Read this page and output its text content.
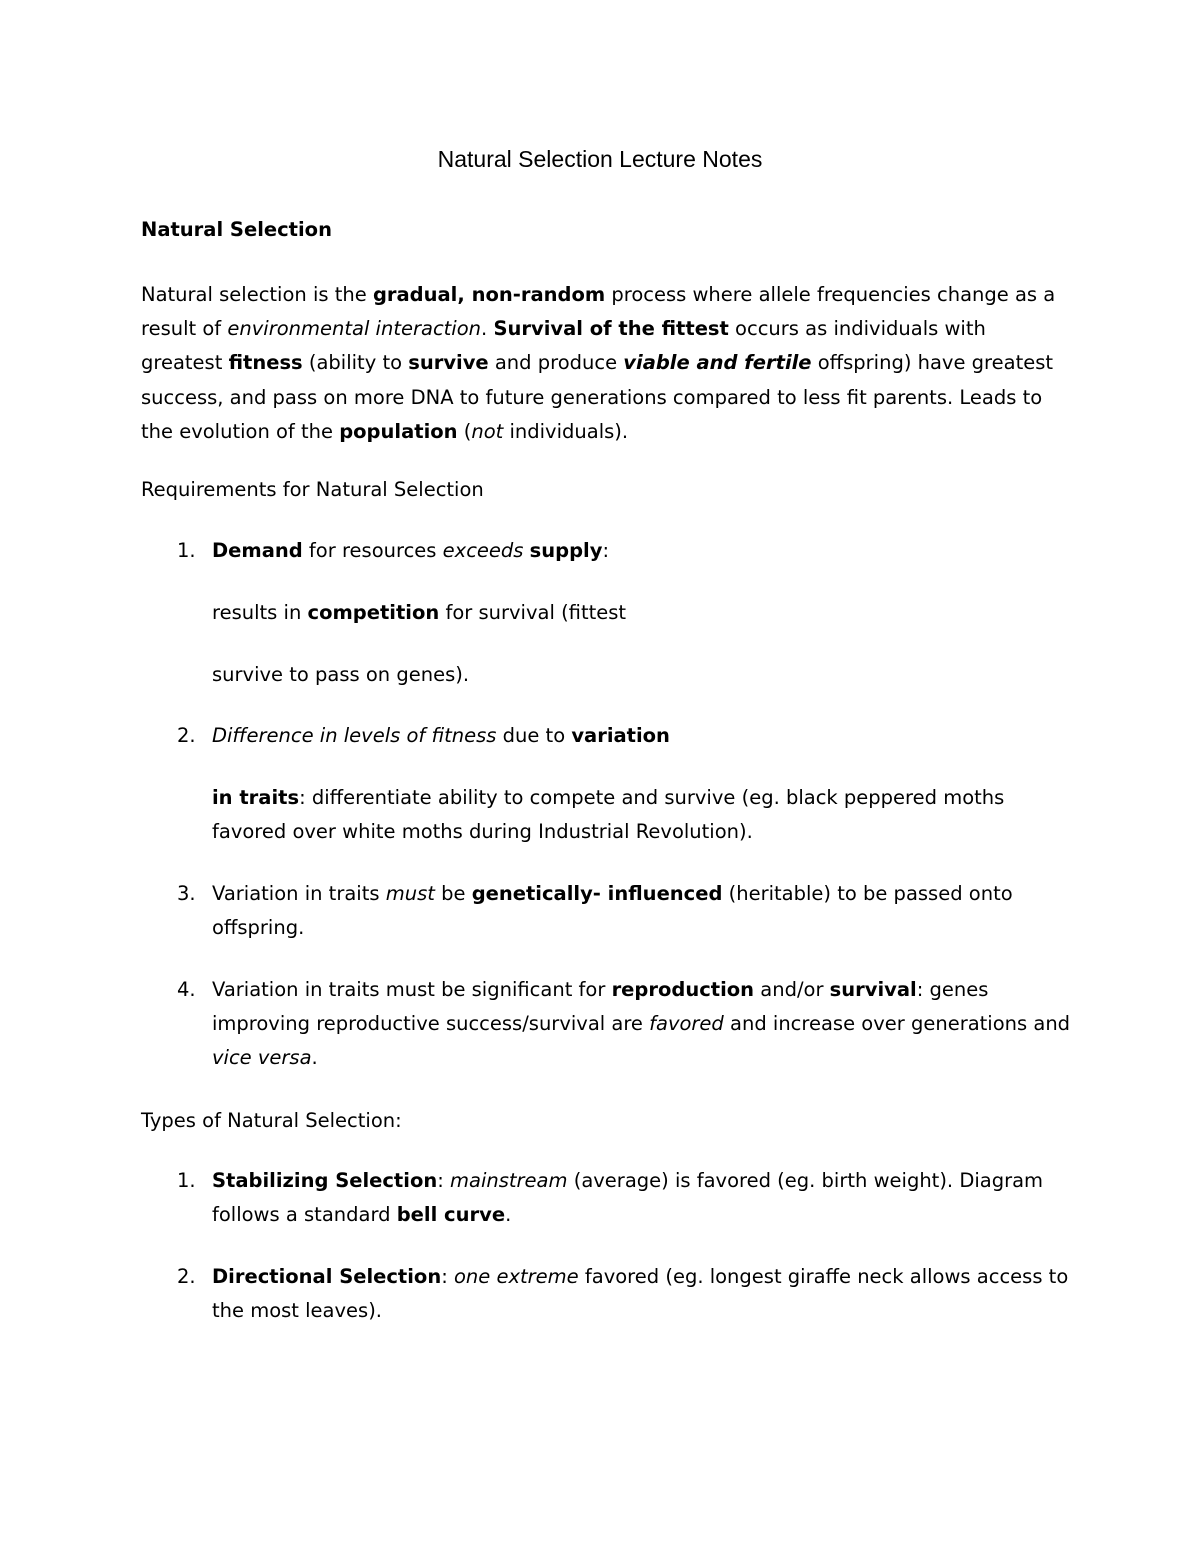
Natural Selection Lecture Notes
Natural Selection
Natural selection is the gradual, non-random process where allele frequencies change as a result of environmental interaction. Survival of the fittest occurs as individuals with greatest fitness (ability to survive and produce viable and fertile offspring) have greatest success, and pass on more DNA to future generations compared to less fit parents. Leads to the evolution of the population (not individuals).
Requirements for Natural Selection
1. Demand for resources exceeds supply:
results in competition for survival (fittest
survive to pass on genes).
2. Difference in levels of fitness due to variation
in traits: differentiate ability to compete and survive (eg. black peppered moths favored over white moths during Industrial Revolution).
3. Variation in traits must be genetically- influenced (heritable) to be passed onto offspring.
4. Variation in traits must be significant for reproduction and/or survival: genes improving reproductive success/survival are favored and increase over generations and vice versa.
Types of Natural Selection:
1. Stabilizing Selection: mainstream (average) is favored (eg. birth weight). Diagram follows a standard bell curve.
2. Directional Selection: one extreme favored (eg. longest giraffe neck allows access to the most leaves).
